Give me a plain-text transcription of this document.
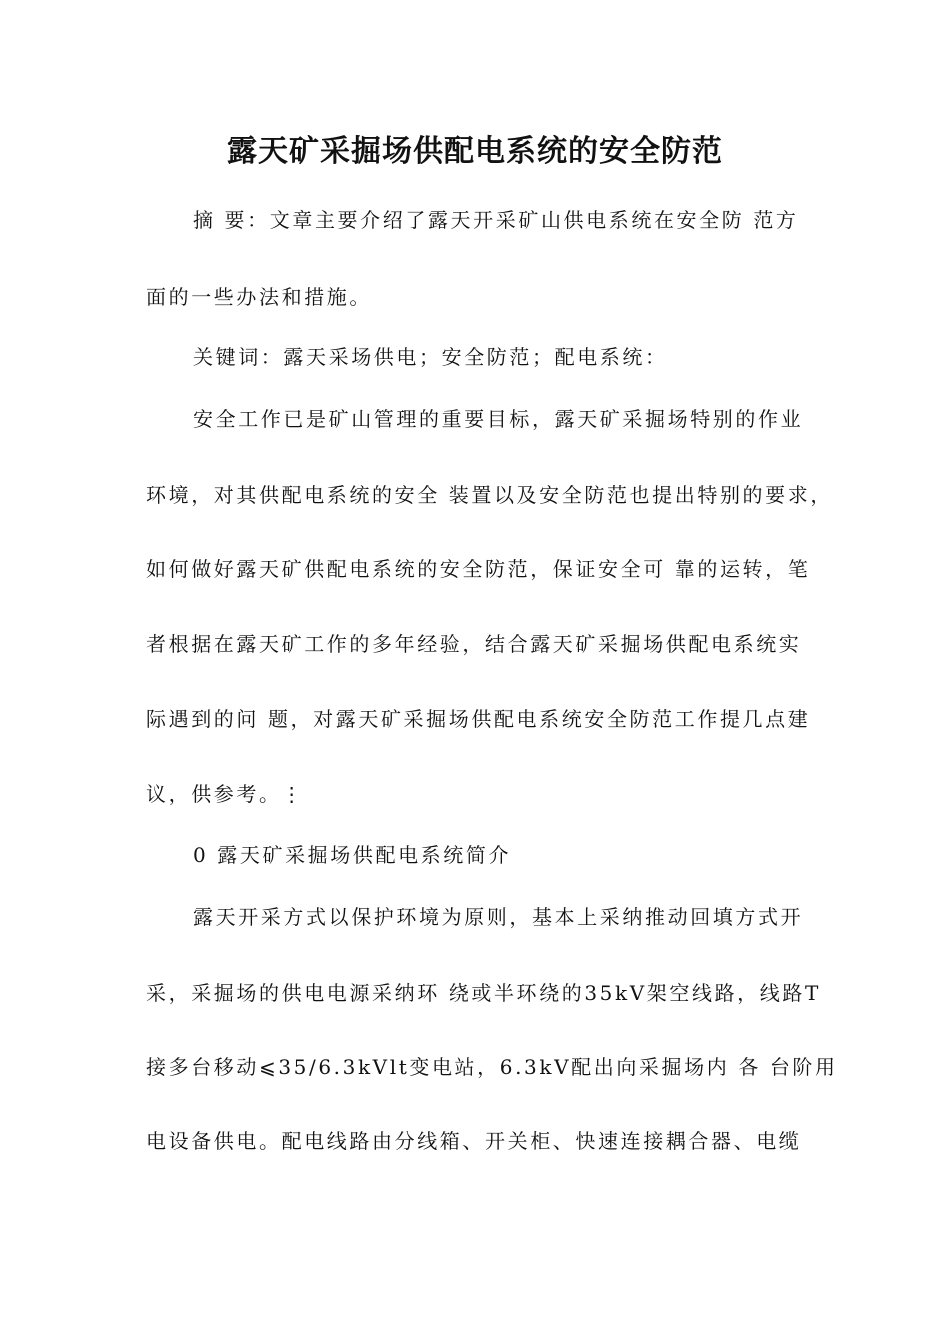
露天矿采掘场供配电系统的安全防范
摘 要：文章主要介绍了露天开采矿山供电系统在安全防 范方
面的一些办法和措施。
关键词：露天采场供电；安全防范；配电系统：
安全工作已是矿山管理的重要目标，露天矿采掘场特别的作业
环境，对其供配电系统的安全 装置以及安全防范也提出特别的要求，
如何做好露天矿供配电系统的安全防范，保证安全可 靠的运转，笔
者根据在露天矿工作的多年经验，结合露天矿采掘场供配电系统实
际遇到的问 题，对露天矿采掘场供配电系统安全防范工作提几点建
议，供参考。⋮
0 露天矿采掘场供配电系统简介
露天开采方式以保护环境为原则，基本上采纳推动回填方式开
采，采掘场的供电电源采纳环 绕或半环绕的35kV架空线路，线路T
接多台移动⩽35/6.3kVlt变电站，6.3kV配出向采掘场内 各 台阶用
电设备供电。配电线路由分线箱、开关柜、快速连接耦合器、电缆
